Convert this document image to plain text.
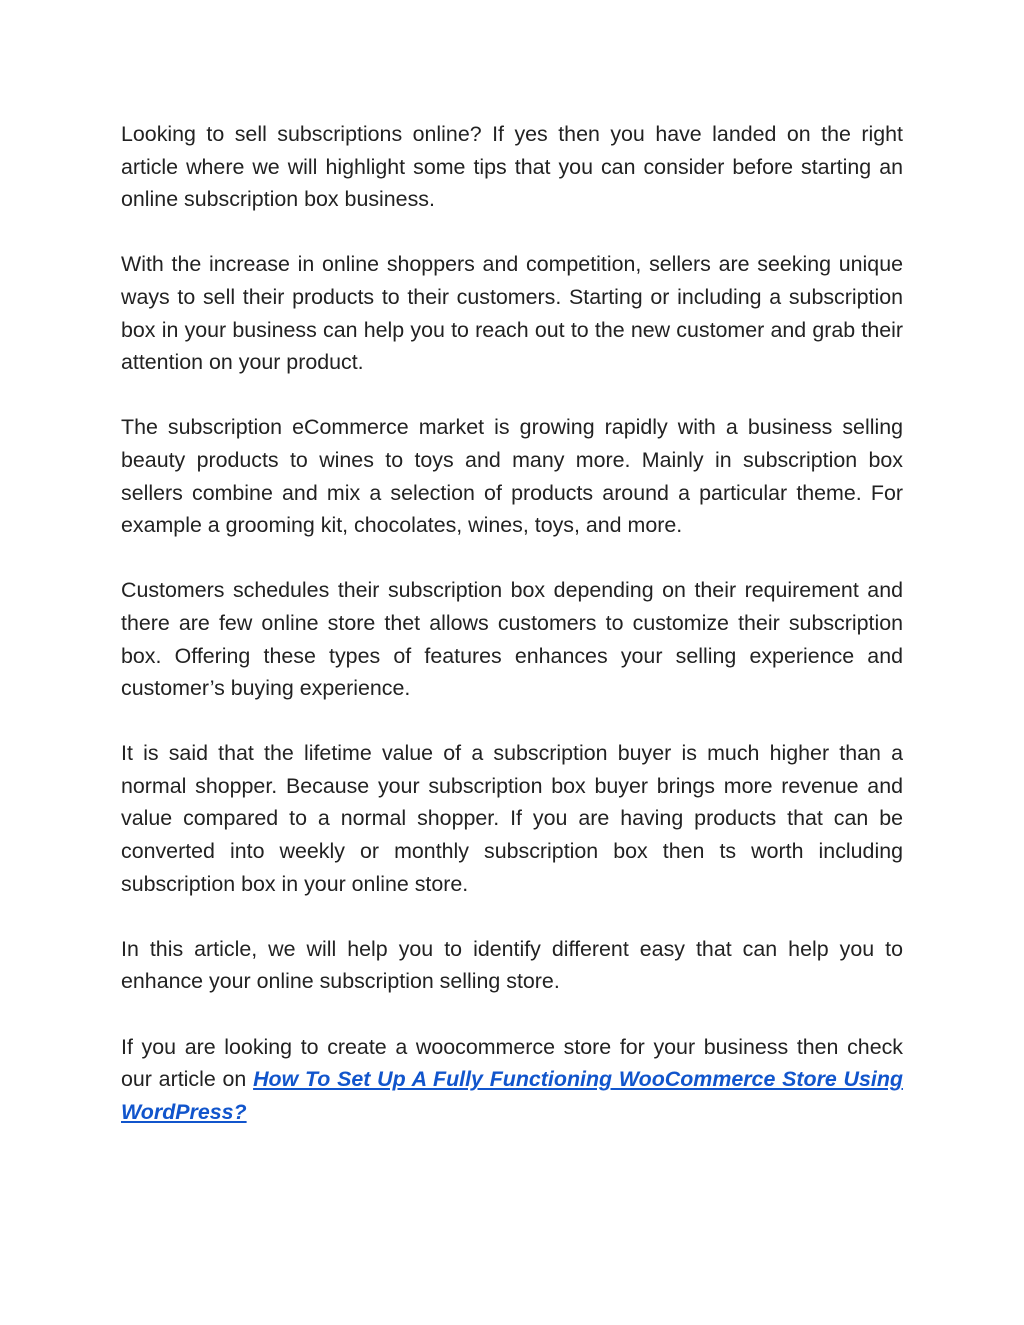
Looking to sell subscriptions online? If yes then you have landed on the right article where we will highlight some tips that you can consider before starting an online subscription box business.

With the increase in online shoppers and competition, sellers are seeking unique ways to sell their products to their customers. Starting or including a subscription box in your business can help you to reach out to the new customer and grab their attention on your product.

The subscription eCommerce market is growing rapidly with a business selling beauty products to wines to toys and many more. Mainly in subscription box sellers combine and mix a selection of products around a particular theme. For example a grooming kit, chocolates, wines, toys, and more.

Customers schedules their subscription box depending on their requirement and there are few online store thet allows customers to customize their subscription box. Offering these types of features enhances your selling experience and customer’s buying experience.

It is said that the lifetime value of a subscription buyer is much higher than a normal shopper. Because your subscription box buyer brings more revenue and value compared to a normal shopper. If you are having products that can be converted into weekly or monthly subscription box then ts worth including subscription box in your online store.

In this article, we will help you to identify different easy that can help you to enhance your online subscription selling store.

If you are looking to create a woocommerce store for your business then check our article on How To Set Up A Fully Functioning WooCommerce Store Using WordPress?
